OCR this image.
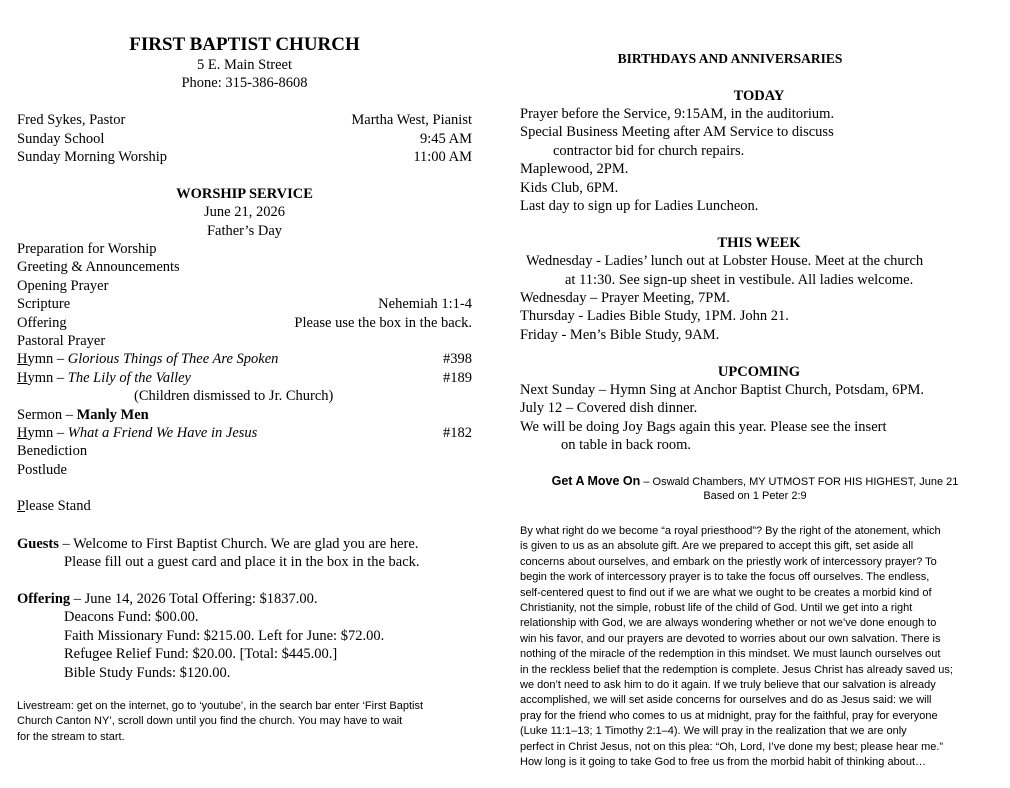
FIRST BAPTIST CHURCH
5 E. Main Street
Phone: 315-386-8608
Fred Sykes, Pastor	Martha West, Pianist
Sunday School	9:45 AM
Sunday Morning Worship	11:00 AM
WORSHIP SERVICE
June 21, 2026
Father’s Day
Preparation for Worship
Greeting & Announcements
Opening Prayer
Scripture	Nehemiah 1:1-4
Offering	Please use the box in the back.
Pastoral Prayer
Hymn – Glorious Things of Thee Are Spoken	#398
Hymn – The Lily of the Valley	#189
(Children dismissed to Jr. Church)
Sermon – Manly Men
Hymn – What a Friend We Have in Jesus	#182
Benediction
Postlude
Please Stand
Guests – Welcome to First Baptist Church. We are glad you are here.
Please fill out a guest card and place it in the box in the back.
Offering – June 14, 2026 Total Offering: $1837.00.
Deacons Fund: $00.00.
Faith Missionary Fund: $215.00. Left for June: $72.00.
Refugee Relief Fund: $20.00. [Total: $445.00.]
Bible Study Funds: $120.00.
Livestream: get on the internet, go to ‘youtube’, in the search bar enter ‘First Baptist
Church Canton NY’, scroll down until you find the church. You may have to wait
for the stream to start.
BIRTHDAYS AND ANNIVERSARIES
TODAY
Prayer before the Service, 9:15AM, in the auditorium.
Special Business Meeting after AM Service to discuss
contractor bid for church repairs.
Maplewood, 2PM.
Kids Club, 6PM.
Last day to sign up for Ladies Luncheon.
THIS WEEK
Wednesday - Ladies’ lunch out at Lobster House. Meet at the church
at 11:30. See sign-up sheet in vestibule. All ladies welcome.
Wednesday – Prayer Meeting, 7PM.
Thursday - Ladies Bible Study, 1PM. John 21.
Friday - Men’s Bible Study, 9AM.
UPCOMING
Next Sunday – Hymn Sing at Anchor Baptist Church, Potsdam, 6PM.
July 12 – Covered dish dinner.
We will be doing Joy Bags again this year. Please see the insert
on table in back room.
Get A Move On – Oswald Chambers, MY UTMOST FOR HIS HIGHEST, June 21
Based on 1 Peter 2:9
By what right do we become “a royal priesthood”? By the right of the atonement, which
is given to us as an absolute gift. Are we prepared to accept this gift, set aside all
concerns about ourselves, and embark on the priestly work of intercessory prayer? To
begin the work of intercessory prayer is to take the focus off ourselves. The endless,
self-centered quest to find out if we are what we ought to be creates a morbid kind of
Christianity, not the simple, robust life of the child of God. Until we get into a right
relationship with God, we are always wondering whether or not we’ve done enough to
win his favor, and our prayers are devoted to worries about our own salvation. There is
nothing of the miracle of the redemption in this mindset. We must launch ourselves out
in the reckless belief that the redemption is complete. Jesus Christ has already saved us;
we don’t need to ask him to do it again. If we truly believe that our salvation is already
accomplished, we will set aside concerns for ourselves and do as Jesus said: we will
pray for the friend who comes to us at midnight, pray for the faithful, pray for everyone
(Luke 11:1–13; 1 Timothy 2:1–4). We will pray in the realization that we are only
perfect in Christ Jesus, not on this plea: “Oh, Lord, I’ve done my best; please hear me.”
How long is it going to take God to free us from the morbid habit of thinking about…
